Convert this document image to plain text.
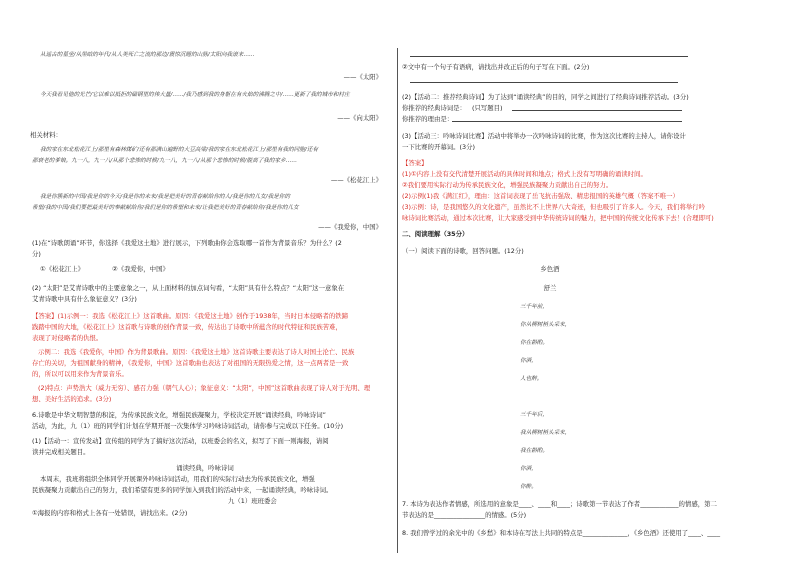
从遥古的墓茔/从黑暗的年代/从人类死亡之流的那边/震惊沉睡的山脉/太阳向我滚来……
——《太阳》
今天我看见他的光芒/它以难以抵拒的磁钢里的伟大量/……/我乃感到我的身躯在有火焰的沸腾之中/……更新了我的城市和村庄
——《向太阳》
相关材料：
我的家在东北松花江上/那里有森林煤矿/还有那满山遍野的大豆高粱/我的家在东北松花江上/那里有我的同胞/还有
那衰老的爹娘。九一八，九一八/从那个悲惨的时候/九一八，九一八/从那个悲惨的时候/脱离了我的家乡……
——《松花江上》
我是你簇新的中国/我是你的今天/我是你的未来/我是把美好的青春献给你的人/我是你的儿女/我是你的
希望/我的中国/我们要把最美好的奉献献给你/我们是你的希望和未来/让我把美好的青春献给你/我是你的儿女
——《我爱你，中国》
(1)在“诗歌朗诵”环节，你选择《我爱这土地》进行展示，下列歌曲你会选取哪一首作为背景音乐？为什么？(2
分)
①《松花江上》	②《我爱你，中国》
(2) “太阳”是艾青诗歌中的主要意象之一，从上面材料的加点词句看，“太阳”具有什么特点？“太阳”这一意象在
艾青诗歌中具有什么象征意义？(3分)
【答案】(1)示例一：我选《松花江上》这首歌曲。原因：《我爱这土地》创作于1938年，当时日本侵略者的铁蹄
践踏中国的大地，《松花江上》这首歌与诗歌的创作背景一致，传达出了诗歌中所蕴含的时代特征和民族苦难，
表现了对侵略者的仇恨。
示例二：我选《我爱你，中国》作为背景歌曲。原因：《我爱这土地》这首诗歌主要表达了诗人对国土沦亡、民族
存亡的关切，为祖国献身的精神，《我爱你，中国》这首歌曲也表达了对祖国的无限热爱之情，这一点两者是一致
的，所以可以用来作为背景音乐。
(2)特点：声势浩大（威力无穷）、感召力强（朝气人心）；象征意义：“太阳”，中国”这首歌曲表现了诗人对于光明、理
想、美好生活的追求。(3分)
6.诗歌是中华文明智慧的积淀，为传承民族文化，增强民族凝聚力，学校决定开展“诵读经典，吟咏诗词”
活动，为此，九（1）班的同学们计划在学期开展一次集体学习吟咏诗词活动，请你参与完成以下任务。(10分)
(1)【活动一：宣传发动】宣传组的同学为了搞好这次活动，以班委会的名义，拟写了下面一则海报，请阅
读并完成相关题目。
诵读经典，吟咏诗词
本周末，我班将组织全体同学开展课外吟咏诗词活动，用我们的实际行动去为传承民族文化，增强
民族凝聚力贡献出自己的努力，我们希望有更多的同学加入到我们的活动中来，一起诵读经典，吟咏诗词。
九（1）班班委会
①海报的内容和格式上各有一处错误，请找出来。(2分)
②文中有一个句子有语病，请找出并改正后的句子写在下面。(2分)
(2)【活动二：推荐经典诗词】为了达到“诵读经典”的目的，同学之间进行了经典诗词推荐活动。(3分)
你推荐的经典诗词是： (只写题目)
你推荐的理由是：
(3)【活动三：吟咏诗词比赛】活动中将举办一次吟咏诗词的比赛，作为这次比赛的主持人，请你设计
一下比赛的开幕词。(3分)
【答案】
(1)①内容上没有交代清楚开展活动的具体时间和地点；格式上没有写明确的诵读时间。
②我们要用实际行动为传承民族文化，增强民族凝聚力贡献出自己的努力。
(2)示例(1)我《满江红》，理由：这首词表现了岳飞抗击强敌、精忠报国的英雄气概（答案不唯一）
(3)示例：诗，是我国悠久的文化遗产，虽然比不上世界八大奇迹，但也吸引了许多人。今天，我们将举行吟
咏诗词比赛活动，通过本次比赛，让大家感受到中华传统诗词的魅力，把中国的传统文化传承下去！(合理即可)
二、阅读理解（35分）
（一）阅读下面的诗歌，回答问题。(12分)
乡色酒
舒兰
三千年前，
你从柳树梢头采来，
你在斟酌。
你酒，
人也醉。
三千年后，
我从柳树梢头采来，
我在斟酌。
你酒，
你醉。
7. 本诗为表达作者情感，所选用的意象是____、____和____；诗歌第一节表达了作者____________的情感，第二
节表达的是________________的情感。(5分)
8. 我们曾学过的余光中的《乡愁》和本诗在写法上共同的特点是______________，《乡色酒》还使用了____、____
